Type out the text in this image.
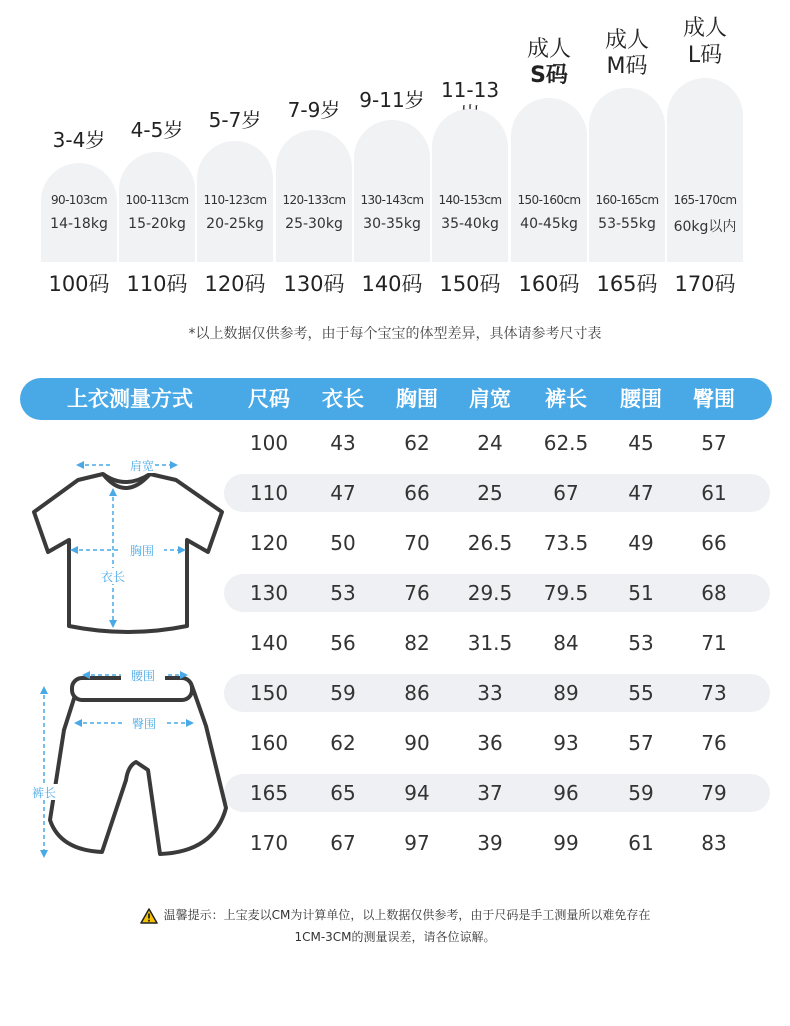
3-4岁
90-103cm
14-18kg
100码
4-5岁
100-113cm
15-20kg
110码
5-7岁
110-123cm
20-25kg
120码
7-9岁
120-133cm
25-30kg
130码
9-11岁
130-143cm
30-35kg
140码
11-13
140-153cm
35-40kg
150码
成人
S码
150-160cm
40-45kg
160码
成人
M码
160-165cm
53-55kg
165码
成人
L码
165-170cm
60kg以内
170码
*以上数据仅供参考，由于每个宝宝的体型差异，具体请参考尺寸表
上衣测量方式	尺码	衣长	胸围	肩宽	裤长	腰围	臀围
100	43	62	24	62.5	45	57
110	47	66	25	67	47	61
120	50	70	26.5	73.5	49	66
130	53	76	29.5	79.5	51	68
140	56	82	31.5	84	53	71
150	59	86	33	89	55	73
160	62	90	36	93	57	76
165	65	94	37	96	59	79
170	67	97	39	99	61	83
肩宽
胸围
衣长
腰围
臀围
裤长
温馨提示：上宝麦以CM为计算单位，以上数据仅供参考，由于尺码是手工测量所以难免存在
1CM-3CM的测量误差，请各位谅解。
